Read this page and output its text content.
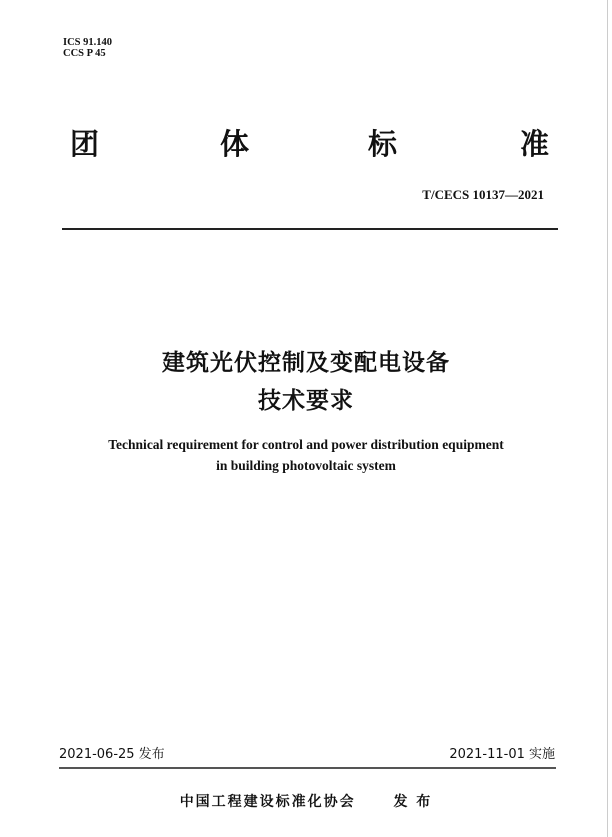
ICS 91.140
CCS P 45
团	体	标	准
T/CECS 10137—2021
建筑光伏控制及变配电设备
技术要求
Technical requirement for control and power distribution equipment
in building photovoltaic system
2021-06-25 发布	2021-11-01 实施
中国工程建设标准化协会	发 布
